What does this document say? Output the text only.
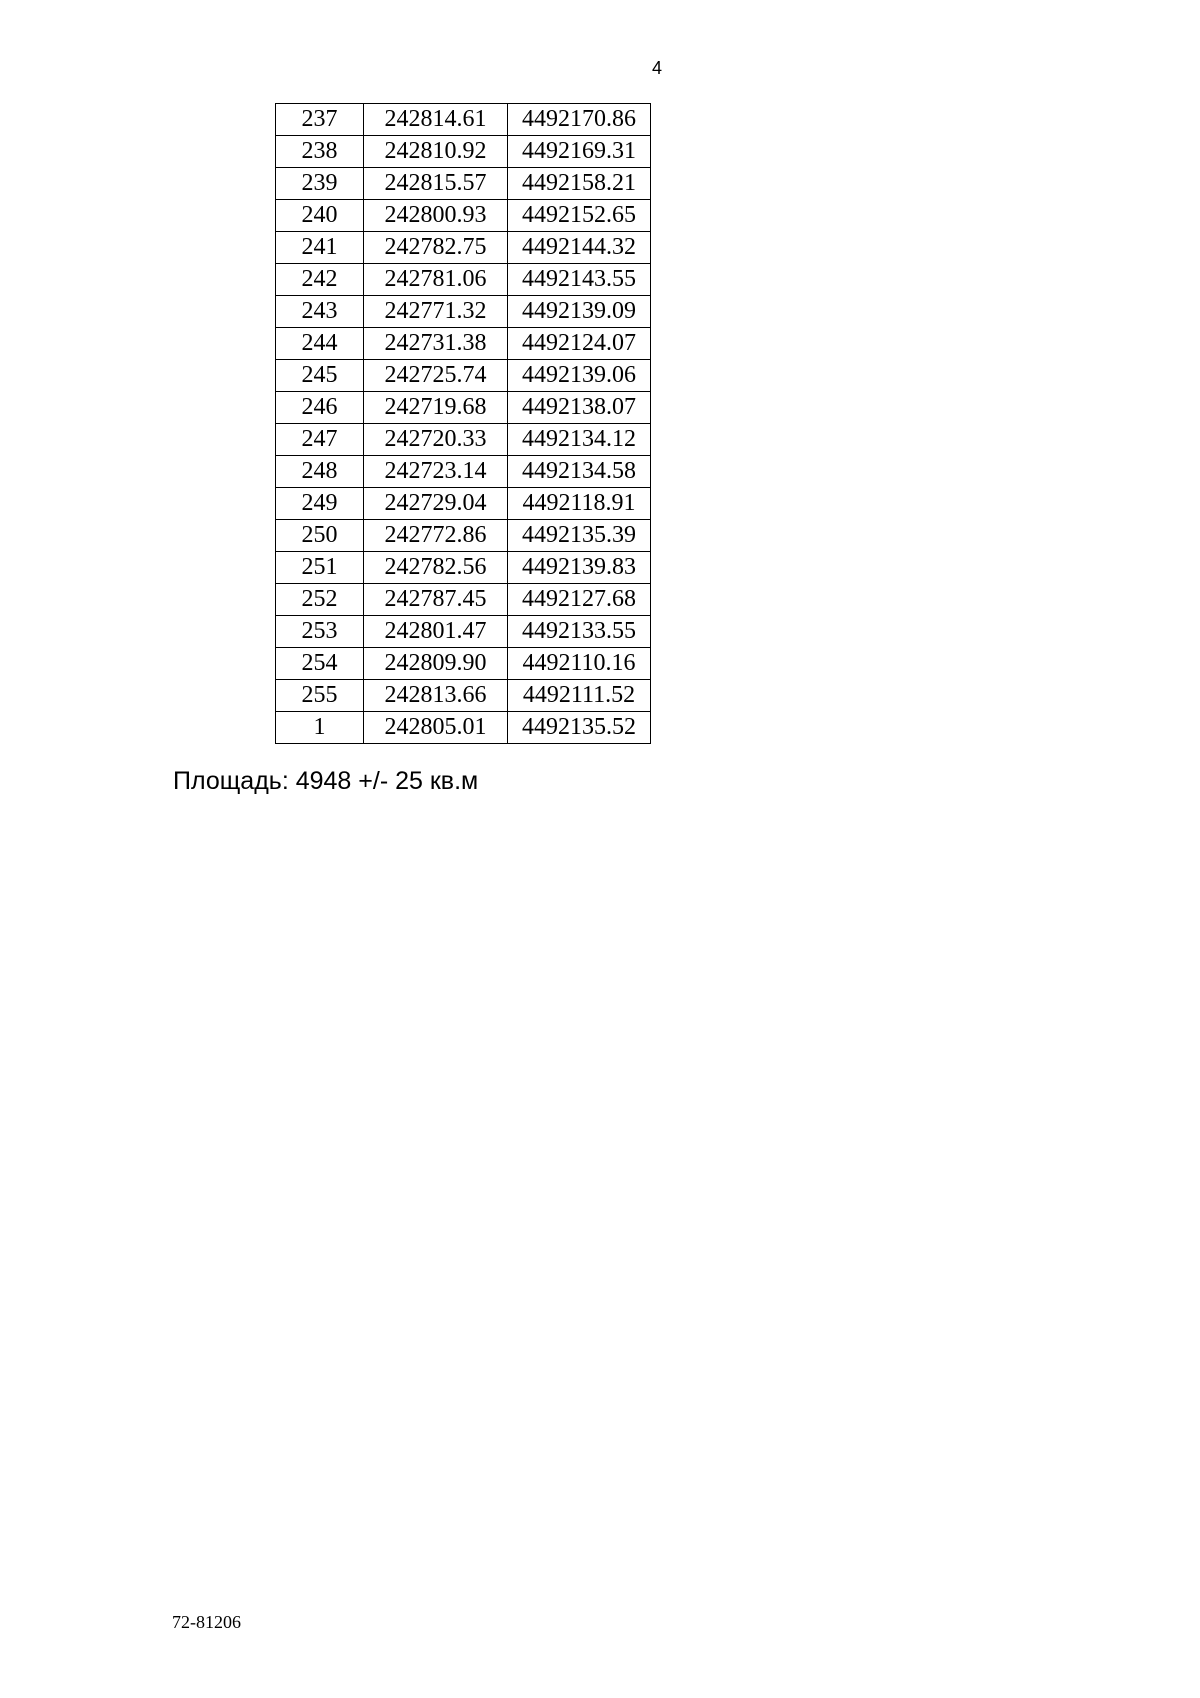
4
237	242814.61	4492170.86
238	242810.92	4492169.31
239	242815.57	4492158.21
240	242800.93	4492152.65
241	242782.75	4492144.32
242	242781.06	4492143.55
243	242771.32	4492139.09
244	242731.38	4492124.07
245	242725.74	4492139.06
246	242719.68	4492138.07
247	242720.33	4492134.12
248	242723.14	4492134.58
249	242729.04	4492118.91
250	242772.86	4492135.39
251	242782.56	4492139.83
252	242787.45	4492127.68
253	242801.47	4492133.55
254	242809.90	4492110.16
255	242813.66	4492111.52
1	242805.01	4492135.52
Площадь: 4948 +/- 25 кв.м
72-81206
